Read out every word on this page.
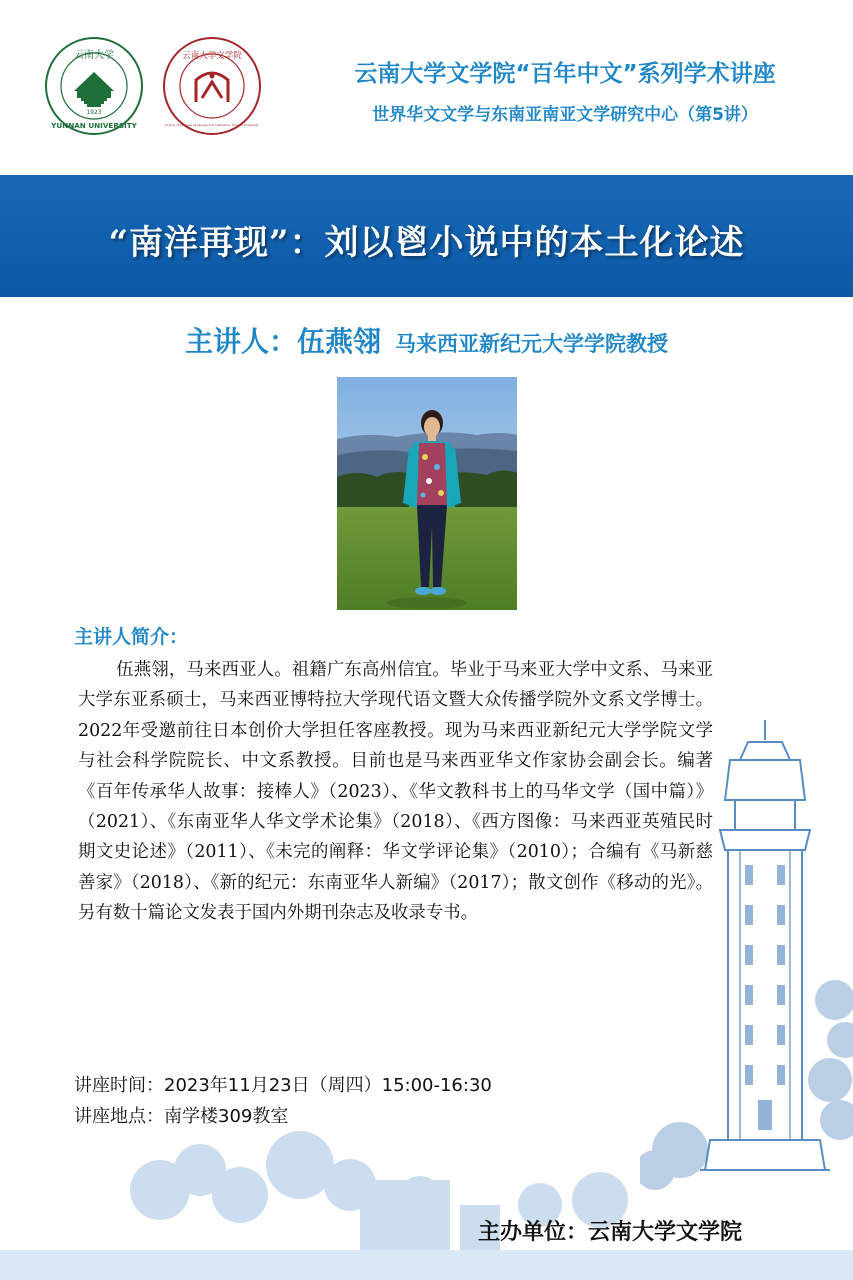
1923
云南大学
YUNNAN UNIVERSITY
云南大学文学院
School of Chinese Language and Literature, Yunnan University
云南大学文学院“百年中文”系列学术讲座
世界华文文学与东南亚南亚文学研究中心（第5讲）
“南洋再现”：刘以鬯小说中的本土化论述
主讲人：伍燕翎 马来西亚新纪元大学学院教授
主讲人简介：
伍燕翎，马来西亚人。祖籍广东高州信宜。毕业于马来亚大学中文系、马来亚大学东亚系硕士，马来西亚博特拉大学现代语文暨大众传播学院外文系文学博士。2022年受邀前往日本创价大学担任客座教授。现为马来西亚新纪元大学学院文学与社会科学院院长、中文系教授。目前也是马来西亚华文作家协会副会长。编著《百年传承华人故事：接棒人》（2023）、《华文教科书上的马华文学（国中篇）》（2021）、《东南亚华人华文学术论集》（2018）、《西方图像：马来西亚英殖民时期文史论述》（2011）、《未完的阐释：华文学评论集》（2010）；合编有《马新慈善家》（2018）、《新的纪元：东南亚华人新编》（2017）；散文创作《移动的光》。另有数十篇论文发表于国内外期刊杂志及收录专书。
讲座时间：2023年11月23日（周四）15:00-16:30
讲座地点：南学楼309教室
主办单位：云南大学文学院
